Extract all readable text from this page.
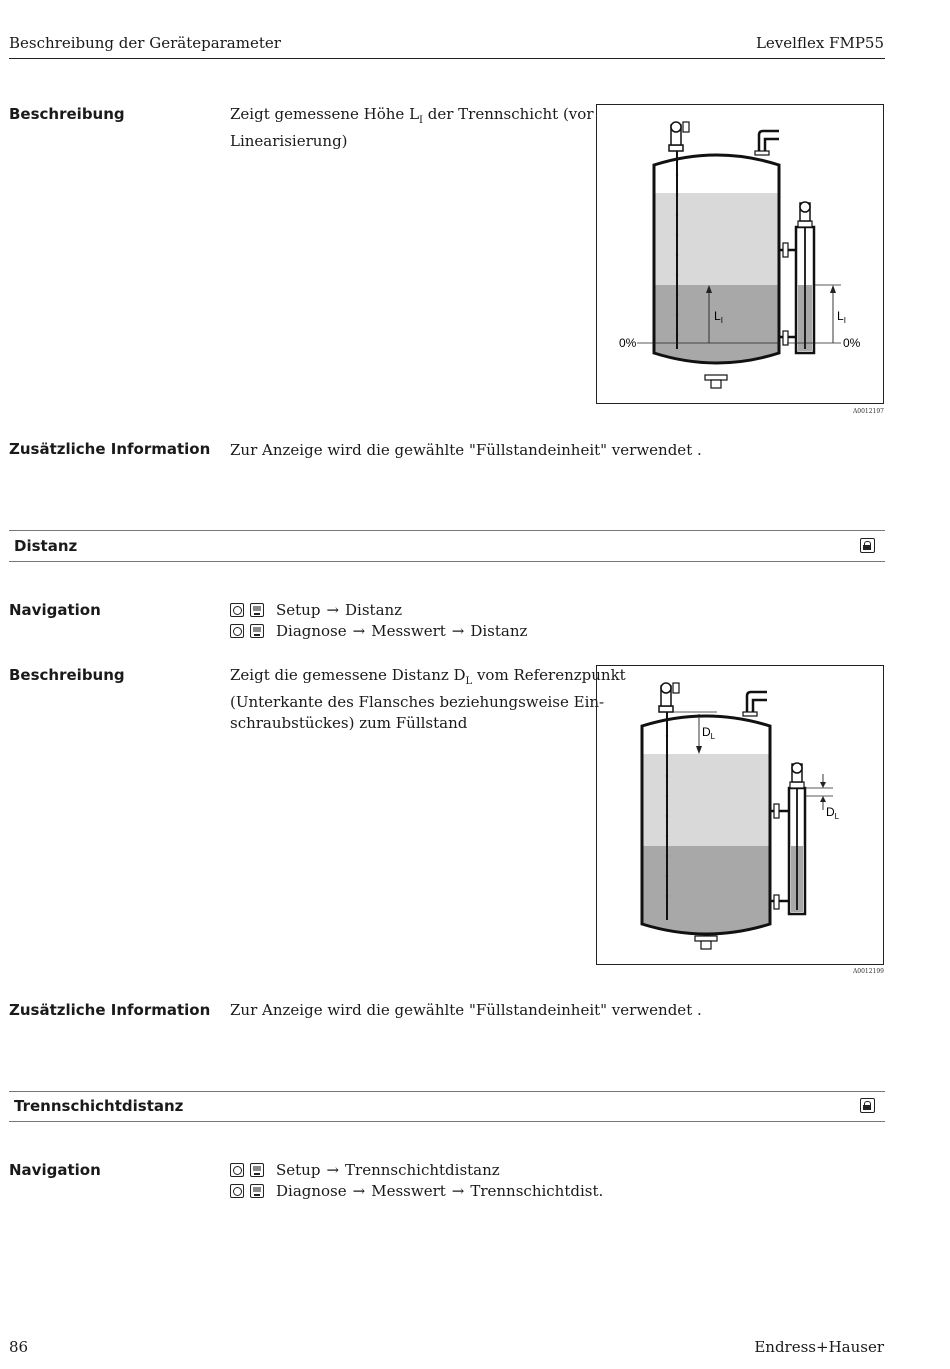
Beschreibung der Geräteparameter	Levelflex FMP55
Beschreibung	Zeigt gemessene Höhe $L_I$ der Trennschicht (vor
Linearisierung)
0%	0%
$L_I$	$L_I$
A0012197
Zusätzliche Information Zur Anzeige wird die gewählte "Füllstandeinheit" verwendet .
Distanz
Navigation	Setup → Distanz
Diagnose → Messwert → Distanz
Beschreibung	Zeigt die gemessene Distanz $D_L$ vom Referenzpunkt
(Unterkante des Flansches beziehungsweise Ein-
schraubstückes) zum Füllstand	$D_L$
$D_L$
A0012199
Zusätzliche Information Zur Anzeige wird die gewählte "Füllstandeinheit" verwendet .
Trennschichtdistanz
Navigation	Setup → Trennschichtdistanz
Diagnose → Messwert → Trennschichtdist.
86	Endress+Hauser
